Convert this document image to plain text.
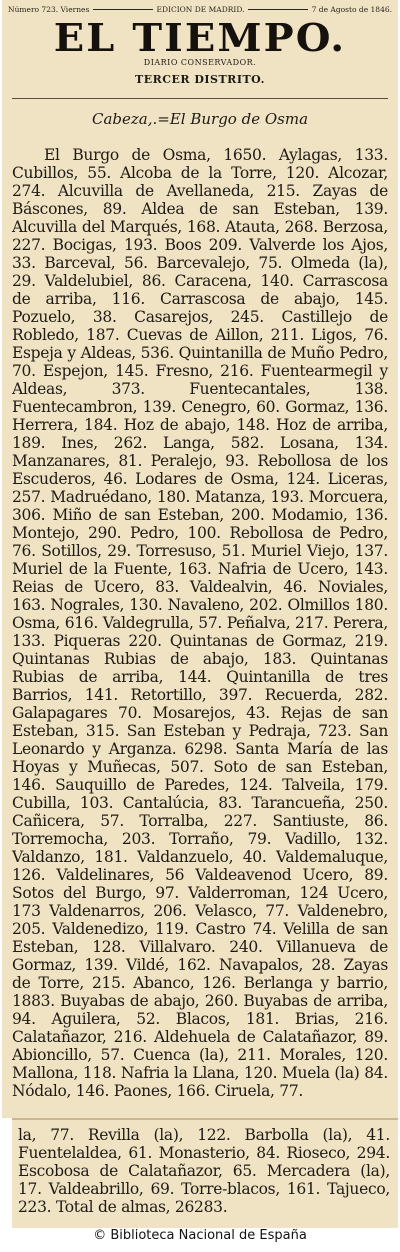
Número 723. Viernes	EDICION DE MADRID.	7 de Agosto de 1846.
EL TIEMPO.
DIARIO CONSERVADOR.
TERCER DISTRITO.
Cabeza,.=El Burgo de Osma
El Burgo de Osma, 1650. Aylagas, 133. Cubillos, 55. Alcoba de la Torre, 120. Alcozar, 274. Alcuvilla de Avellaneda, 215. Zayas de Báscones, 89. Aldea de san Esteban, 139. Alcuvilla del Marqués, 168. Atauta, 268. Berzosa, 227. Bocigas, 193. Boos 209. Valverde los Ajos, 33. Barceval, 56. Barcevalejo, 75. Olmeda (la), 29. Valdelubiel, 86. Caracena, 140. Carrascosa de arriba, 116. Carrascosa de abajo, 145. Pozuelo, 38. Casarejos, 245. Castillejo de Robledo, 187. Cuevas de Aillon, 211. Ligos, 76. Espeja y Aldeas, 536. Quintanilla de Muño Pedro, 70. Espejon, 145. Fresno, 216. Fuentearmegil y Aldeas, 373. Fuentecantales, 138. Fuentecambron, 139. Cenegro, 60. Gormaz, 136. Herrera, 184. Hoz de abajo, 148. Hoz de arriba, 189. Ines, 262. Langa, 582. Losana, 134. Manzanares, 81. Peralejo, 93. Rebollosa de los Escuderos, 46. Lodares de Osma, 124. Liceras, 257. Madruédano, 180. Matanza, 193. Morcuera, 306. Miño de san Esteban, 200. Modamio, 136. Montejo, 290. Pedro, 100. Rebollosa de Pedro, 76. Sotillos, 29. Torresuso, 51. Muriel Viejo, 137. Muriel de la Fuente, 163. Nafria de Ucero, 143. Reias de Ucero, 83. Valdealvin, 46. Noviales, 163. Nograles, 130. Navaleno, 202. Olmillos 180. Osma, 616. Valdegrulla, 57. Peñalva, 217. Perera, 133. Piqueras 220. Quintanas de Gormaz, 219. Quintanas Rubias de abajo, 183. Quintanas Rubias de arriba, 144. Quintanilla de tres Barrios, 141. Retortillo, 397. Recuerda, 282. Galapagares 70. Mosarejos, 43. Rejas de san Esteban, 315. San Esteban y Pedraja, 723. San Leonardo y Arganza. 6298. Santa María de las Hoyas y Muñecas, 507. Soto de san Esteban, 146. Sauquillo de Paredes, 124. Talveila, 179. Cubilla, 103. Cantalúcia, 83. Tarancueña, 250. Cañicera, 57. Torralba, 227. Santiuste, 86. Torremocha, 203. Torraño, 79. Vadillo, 132. Valdanzo, 181. Valdanzuelo, 40. Valdemaluque, 126. Valdelinares, 56 Valdeavenod Ucero, 89. Sotos del Burgo, 97. Valderroman, 124 Ucero, 173 Valdenarros, 206. Velasco, 77. Valdenebro, 205. Valdenedizo, 119. Castro 74. Velilla de san Esteban, 128. Villalvaro. 240. Villanueva de Gormaz, 139. Vildé, 162. Navapalos, 28. Zayas de Torre, 215. Abanco, 126. Berlanga y barrio, 1883. Buyabas de abajo, 260. Buyabas de arriba, 94. Aguilera, 52. Blacos, 181. Brias, 216. Calatañazor, 216. Aldehuela de Calatañazor, 89. Abioncillo, 57. Cuenca (la), 211. Morales, 120. Mallona, 118. Nafria la Llana, 120. Muela (la) 84. Nódalo, 146. Paones, 166. Ciruela, 77.
la, 77. Revilla (la), 122. Barbolla (la), 41. Fuentelaldea, 61. Monasterio, 84. Rioseco, 294. Escobosa de Calatañazor, 65. Mercadera (la), 17. Valdeabrillo, 69. Torre-blacos, 161. Tajueco, 223. Total de almas, 26283.
© Biblioteca Nacional de España
